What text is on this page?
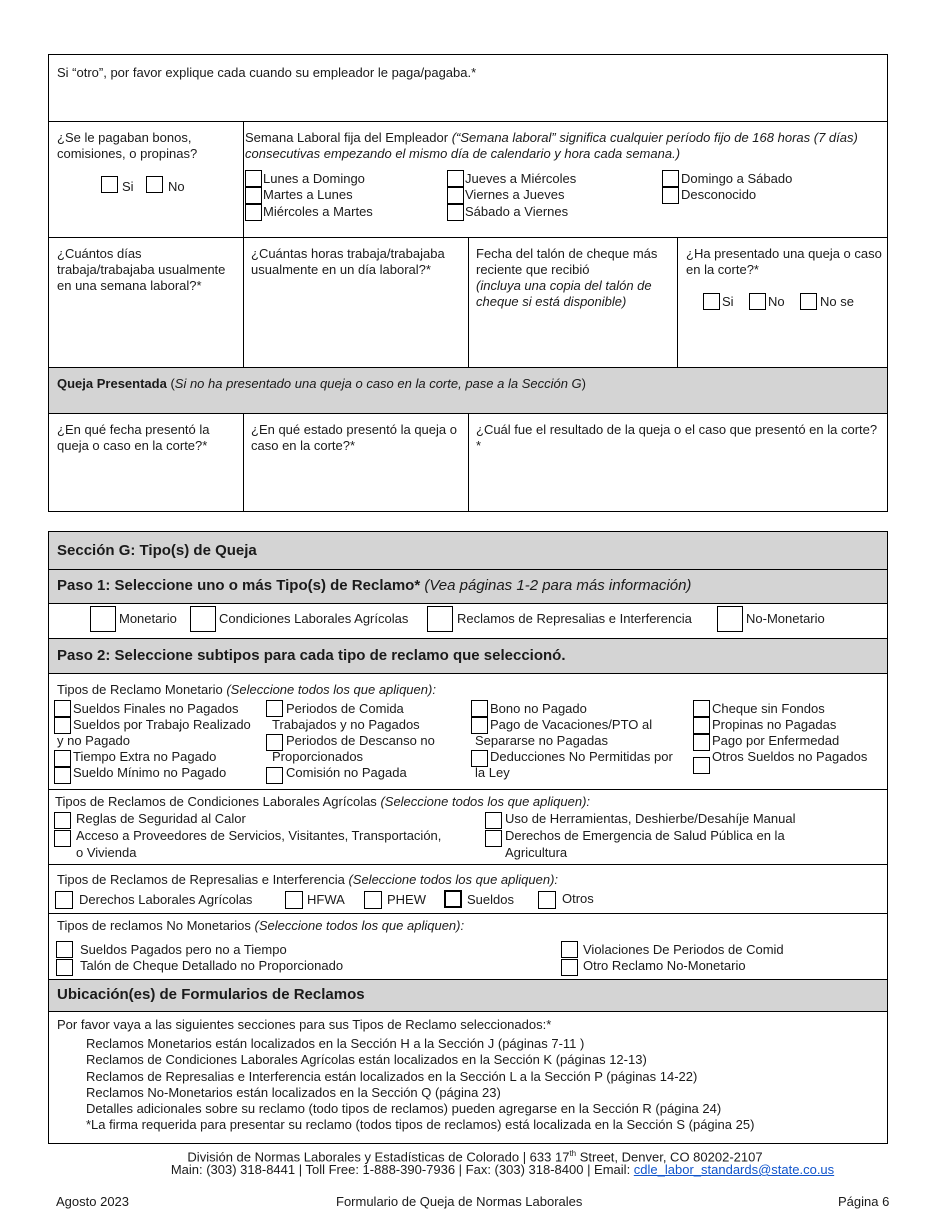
Si “otro”, por favor explique cada cuando su empleador le paga/pagaba.*
¿Se le pagaban bonos, comisiones, o propinas?
Si	No
Semana Laboral fija del Empleador (“Semana laboral” significa cualquier período fijo de 168 horas (7 días) consecutivas empezando el mismo día de calendario y hora cada semana.)
Lunes a Domingo
Martes a Lunes
Miércoles a Martes
Jueves a Miércoles
Viernes a Jueves
Sábado a Viernes
Domingo a Sábado
Desconocido
¿Cuántos días trabaja/trabajaba usualmente en una semana laboral?*
¿Cuántas horas trabaja/trabajaba usualmente en un día laboral?*
Fecha del talón de cheque más reciente que recibió
(incluya una copia del talón de cheque si está disponible)
¿Ha presentado una queja o caso en la corte?*
Si	No	No se
Queja Presentada (Si no ha presentado una queja o caso en la corte, pase a la Sección G)
¿En qué fecha presentó la queja o caso en la corte?*
¿En qué estado presentó la queja o caso en la corte?*
¿Cuál fue el resultado de la queja o el caso que presentó en la corte?*
Sección G: Tipo(s) de Queja
Paso 1: Seleccione uno o más Tipo(s) de Reclamo* (Vea páginas 1-2 para más información)
Monetario	Condiciones Laborales Agrícolas	Reclamos de Represalias e Interferencia	No-Monetario
Paso 2: Seleccione subtipos para cada tipo de reclamo que seleccionó.
Tipos de Reclamo Monetario (Seleccione todos los que apliquen):
Sueldos Finales no Pagados
Sueldos por Trabajo Realizado
y no Pagado
Tiempo Extra no Pagado
Sueldo Mínimo no Pagado
Periodos de Comida
Trabajados y no Pagados
Periodos de Descanso no
Proporcionados
Comisión no Pagada
Bono no Pagado
Pago de Vacaciones/PTO al
Separarse no Pagadas
Deducciones No Permitidas por
la Ley
Cheque sin Fondos
Propinas no Pagadas
Pago por Enfermedad
Otros Sueldos no Pagados
Tipos de Reclamos de Condiciones Laborales Agrícolas (Seleccione todos los que apliquen):
Reglas de Seguridad al Calor
Acceso a Proveedores de Servicios, Visitantes, Transportación,
o Vivienda
Uso de Herramientas, Deshierbe/Desahíje Manual
Derechos de Emergencia de Salud Pública en la
Agricultura
Tipos de Reclamos de Represalias e Interferencia (Seleccione todos los que apliquen):
Derechos Laborales Agrícolas	HFWA	PHEW	Sueldos	Otros
Tipos de reclamos No Monetarios (Seleccione todos los que apliquen):
Sueldos Pagados pero no a Tiempo
Talón de Cheque Detallado no Proporcionado
Violaciones De Periodos de Comid
Otro Reclamo No-Monetario
Ubicación(es) de Formularios de Reclamos
Por favor vaya a las siguientes secciones para sus Tipos de Reclamo seleccionados:*
Reclamos Monetarios están localizados en la Sección H a la Sección J (páginas 7-11 )
Reclamos de Condiciones Laborales Agrícolas están localizados en la Sección K (páginas 12-13)
Reclamos de Represalias e Interferencia están localizados en la Sección L a la Sección P (páginas 14-22)
Reclamos No-Monetarios están localizados en la Sección Q (página 23)
Detalles adicionales sobre su reclamo (todo tipos de reclamos) pueden agregarse en la Sección R (página 24)
*La firma requerida para presentar su reclamo (todos tipos de reclamos) está localizada en la Sección S (página 25)
División de Normas Laborales y Estadísticas de Colorado | 633 17th Street, Denver, CO 80202-2107
Main: (303) 318-8441 | Toll Free: 1-888-390-7936 | Fax: (303) 318-8400 | Email: cdle_labor_standards@state.co.us
Agosto 2023	Formulario de Queja de Normas Laborales	Página 6
